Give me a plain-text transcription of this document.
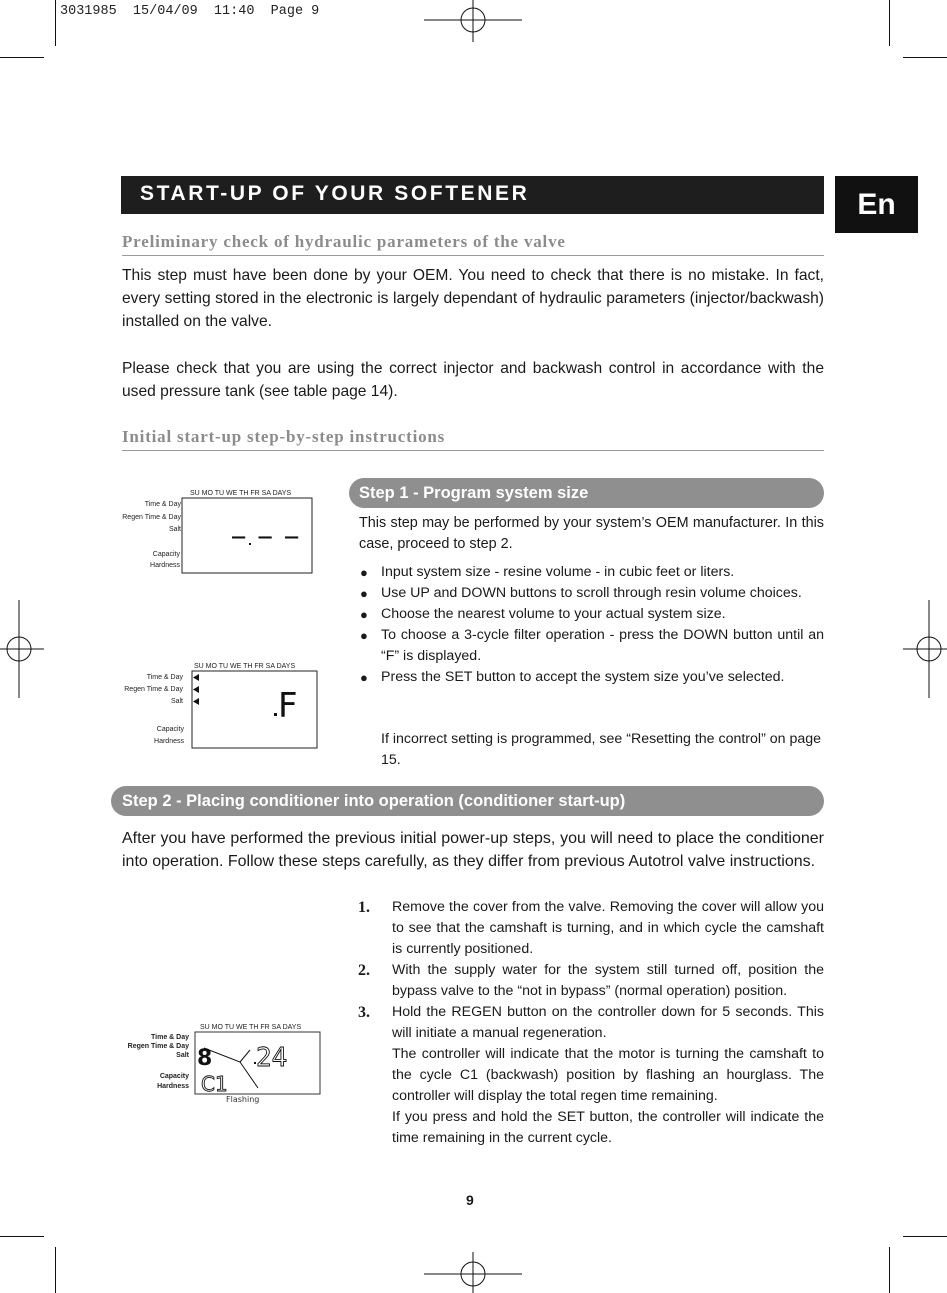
3031985  15/04/09  11:40  Page 9
START-UP OF YOUR SOFTENER	En
Preliminary check of hydraulic parameters of the valve
This step must have been done by your OEM. You need to check that there is no mistake. In fact, every setting stored in the electronic is largely dependant of hydraulic parameters (injector/backwash) installed on the valve.
Please check that you are using the correct injector and backwash control in accordance with the used pressure tank (see table page 14).
Initial start-up step-by-step instructions
SU MO TU WE TH FR SA DAYS
Time & Day
Regen Time & Day
Salt
Capacity
Hardness
_ _ _
SU MO TU WE TH FR SA DAYS
Time & Day
Regen Time & Day
Salt
Capacity
Hardness
F
Step 1 - Program system size
This step may be performed by your system’s OEM manufacturer. In this case, proceed to step 2.
● Input system size - resine volume - in cubic feet or liters.
● Use UP and DOWN buttons to scroll through resin volume choices.
● Choose the nearest volume to your actual system size.
● To choose a 3-cycle filter operation - press the DOWN button until an “F” is displayed.
● Press the SET button to accept the system size you’ve selected.
If incorrect setting is programmed, see “Resetting the control” on page 15.
Step 2 - Placing conditioner into operation (conditioner start-up)
After you have performed the previous initial power-up steps, you will need to place the conditioner into operation. Follow these steps carefully, as they differ from previous Autotrol valve instructions.
SU MO TU WE TH FR SA DAYS
Time & Day
Regen Time & Day
Salt
Capacity
Hardness
8 24
C1
Flashing
1. Remove the cover from the valve. Removing the cover will allow you to see that the camshaft is turning, and in which cycle the camshaft is currently positioned.

2. With the supply water for the system still turned off, position the bypass valve to the “not in bypass” (normal operation) position.

3. Hold the REGEN button on the controller down for 5 seconds. This will initiate a manual regeneration.

The controller will indicate that the motor is turning the camshaft to the cycle C1 (backwash) position by flashing an hourglass. The controller will display the total regen time remaining.

If you press and hold the SET button, the controller will indicate the time remaining in the current cycle.

9
